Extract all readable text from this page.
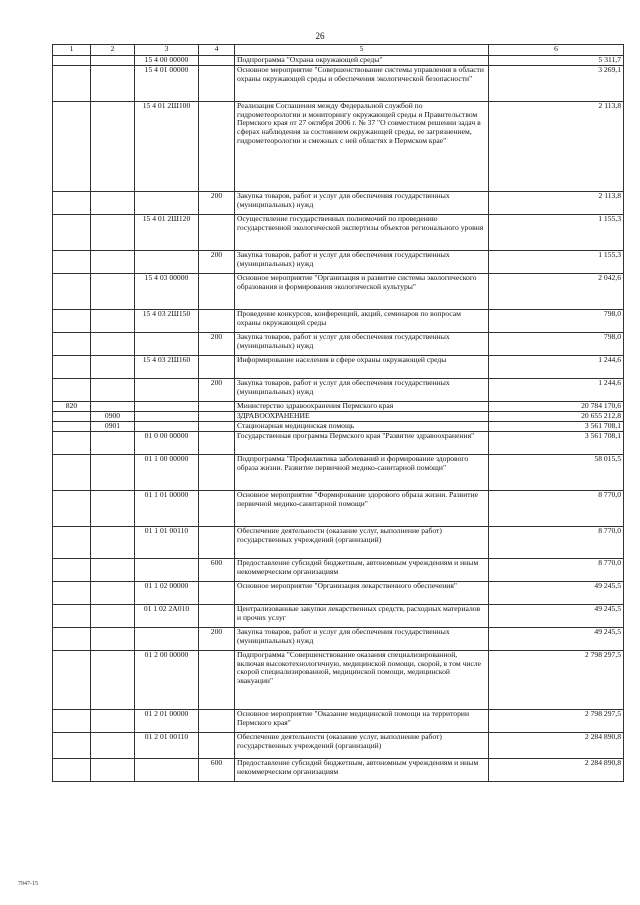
26
1	2	3	4	5	6
		15 4 00 00000		Подпрограмма "Охрана окружающей среды"	5 311,7
		15 4 01 00000		Основное мероприятие "Совершенствование системы управления в области охраны окружающей среды и обеспечения экологической безопасности"	3 269,1
		15 4 01 2Ш100		Реализация Соглашения между Федеральной службой по гидрометеорологии и мониторингу окружающей среды и Правительством Пермского края от 27 октября 2006 г. № 37 "О совместном решении задач в сферах наблюдения за состоянием окружающей среды, ее загрязнением, гидрометеорологии и смежных с ней областях в Пермском крае"	2 113,8
			200	Закупка товаров, работ и услуг для обеспечения государственных (муниципальных) нужд	2 113,8
		15 4 01 2Ш120		Осуществление государственных полномочий по проведению государственной экологической экспертизы объектов регионального уровня	1 155,3
			200	Закупка товаров, работ и услуг для обеспечения государственных (муниципальных) нужд	1 155,3
		15 4 03 00000		Основное мероприятие "Организация и развитие системы экологического образования и формирования экологической культуры"	2 042,6
		15 4 03 2Ш150		Проведение конкурсов, конференций, акций, семинаров по вопросам охраны окружающей среды	798,0
			200	Закупка товаров, работ и услуг для обеспечения государственных (муниципальных) нужд	798,0
		15 4 03 2Ш160		Информирование населения в сфере охраны окружающей среды	1 244,6
			200	Закупка товаров, работ и услуг для обеспечения государственных (муниципальных) нужд	1 244,6
820				Министерство здравоохранения Пермского края	20 784 170,6
	0900			ЗДРАВООХРАНЕНИЕ	20 655 212,8
	0901			Стационарная медицинская помощь	3 561 708,1
		01 0 00 00000		Государственная программа Пермского края "Развитие здравоохранения"	3 561 708,1
		01 1 00 00000		Подпрограмма "Профилактика заболеваний и формирование здорового образа жизни. Развитие первичной медико-санитарной помощи"	58 015,5
		01 1 01 00000		Основное мероприятие "Формирование здорового образа жизни. Развитие первичной медико-санитарной помощи"	8 770,0
		01 1 01 00110		Обеспечение деятельности (оказание услуг, выполнение работ) государственных учреждений (организаций)	8 770,0
			600	Предоставление субсидий бюджетным, автономным учреждениям и иным некоммерческим организациям	8 770,0
		01 1 02 00000		Основное мероприятие "Организация лекарственного обеспечения"	49 245,5
		01 1 02 2А010		Централизованные закупки лекарственных средств, расходных материалов и прочих услуг	49 245,5
			200	Закупка товаров, работ и услуг для обеспечения государственных (муниципальных) нужд	49 245,5
		01 2 00 00000		Подпрограмма "Совершенствование оказания специализированной, включая высокотехнологичную, медицинской помощи, скорой, в том числе скорой специализированной, медицинской помощи, медицинской эвакуации"	2 798 297,5
		01 2 01 00000		Основное мероприятие "Оказание медицинской помощи на территории Пермского края"	2 798 297,5
		01 2 01 00110		Обеспечение деятельности (оказание услуг, выполнение работ) государственных учреждений (организаций)	2 284 890,8
			600	Предоставление субсидий бюджетным, автономным учреждениям и иным некоммерческим организациям	2 284 890,8
7947-15
